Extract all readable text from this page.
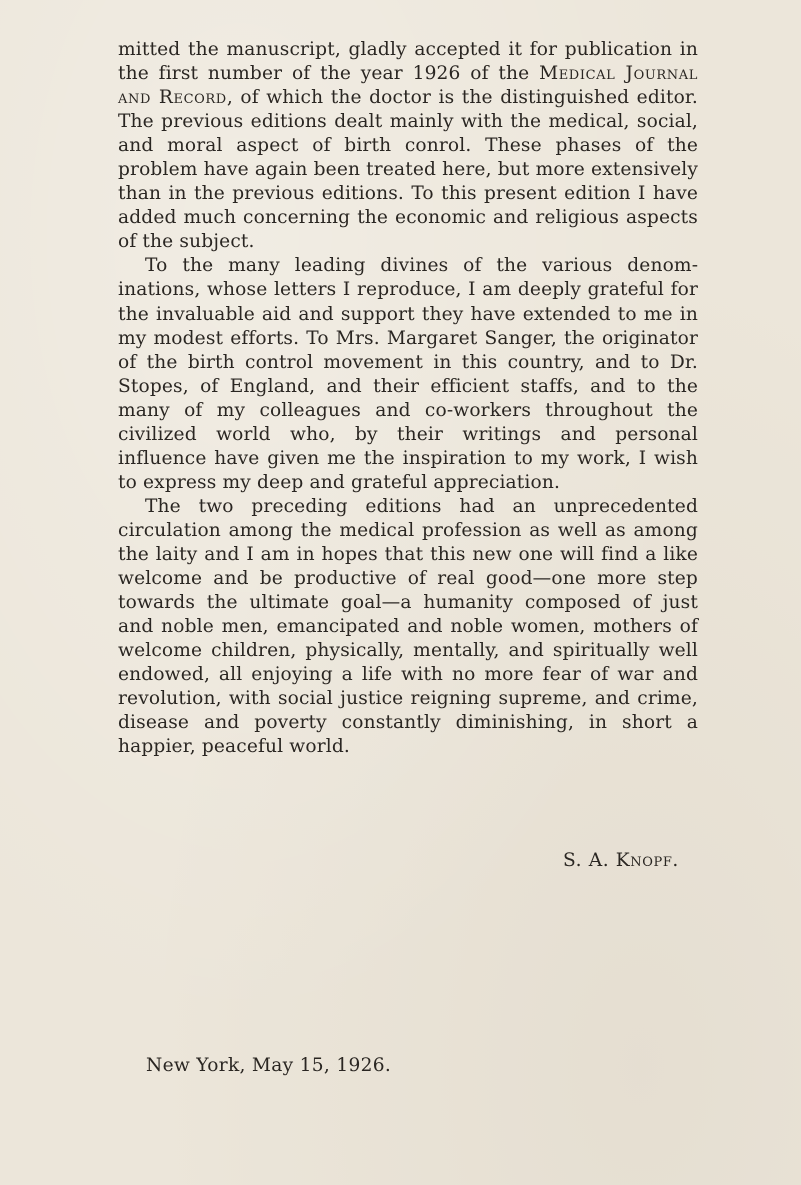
mitted the manuscript, gladly accepted it for publication in the first number of the year 1926 of the Medical Journal and Record, of which the doctor is the distinguished editor. The previous editions dealt mainly with the medical, social, and moral aspect of birth conrol. These phases of the problem have again been treated here, but more extensively than in the previous editions. To this present edition I have added much concerning the economic and religious aspects of the subject.

To the many leading divines of the various denominations, whose letters I reproduce, I am deeply grateful for the invaluable aid and support they have extended to me in my modest efforts. To Mrs. Margaret Sanger, the originator of the birth control movement in this country, and to Dr. Stopes, of England, and their efficient staffs, and to the many of my colleagues and co-workers throughout the civilized world who, by their writings and personal influence have given me the inspiration to my work, I wish to express my deep and grateful appreciation.

The two preceding editions had an unprecedented circulation among the medical profession as well as among the laity and I am in hopes that this new one will find a like welcome and be productive of real good—one more step towards the ultimate goal—a humanity composed of just and noble men, emancipated and noble women, mothers of welcome children, physically, mentally, and spiritually well endowed, all enjoying a life with no more fear of war and revolution, with social justice reigning supreme, and crime, disease and poverty constantly diminishing, in short a happier, peaceful world.

S. A. Knopf.
New York, May 15, 1926.
